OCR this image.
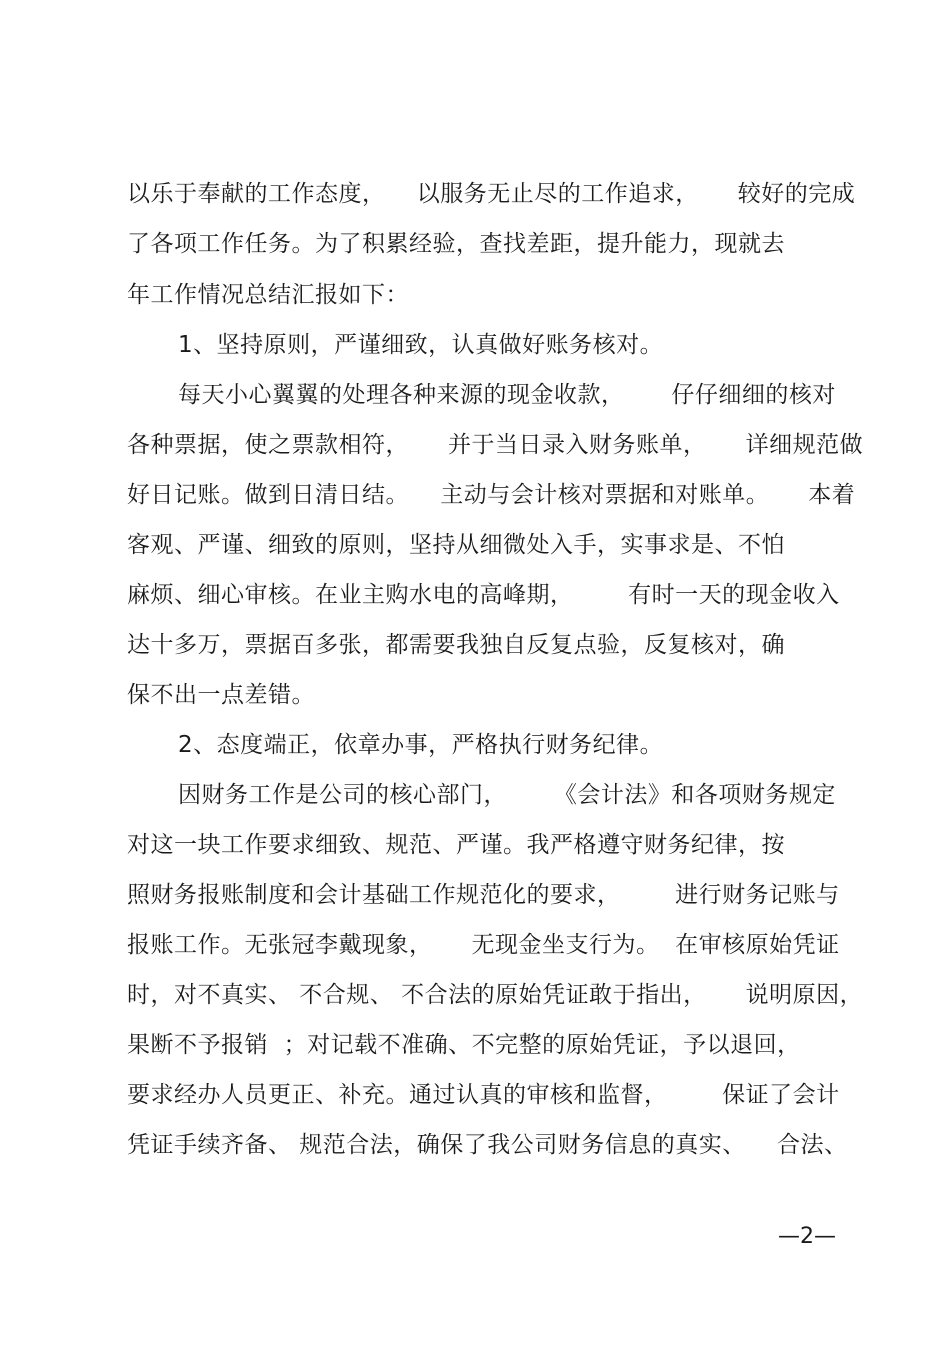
以乐于奉献的工作态度，    以服务无止尽的工作追求，     较好的完成
了各项工作任务。为了积累经验，查找差距，提升能力，现就去
年工作情况总结汇报如下：
1、坚持原则，严谨细致，认真做好账务核对。
每天小心翼翼的处理各种来源的现金收款，      仔仔细细的核对
各种票据，使之票款相符，     并于当日录入财务账单，     详细规范做
好日记账。做到日清日结。    主动与会计核对票据和对账单。     本着
客观、严谨、细致的原则，坚持从细微处入手，实事求是、不怕
麻烦、细心审核。在业主购水电的高峰期，       有时一天的现金收入
达十多万，票据百多张，都需要我独自反复点验，反复核对，确
保不出一点差错。
2、态度端正，依章办事，严格执行财务纪律。
因财务工作是公司的核心部门，      《会计法》和各项财务规定
对这一块工作要求细致、规范、严谨。我严格遵守财务纪律，按
照财务报账制度和会计基础工作规范化的要求，       进行财务记账与
报账工作。无张冠李戴现象，     无现金坐支行为。  在审核原始凭证
时，对不真实、 不合规、 不合法的原始凭证敢于指出，     说明原因，
果断不予报销  ；对记载不准确、不完整的原始凭证，予以退回，
要求经办人员更正、补充。通过认真的审核和监督，       保证了会计
凭证手续齐备、 规范合法，确保了我公司财务信息的真实、    合法、
—2—
